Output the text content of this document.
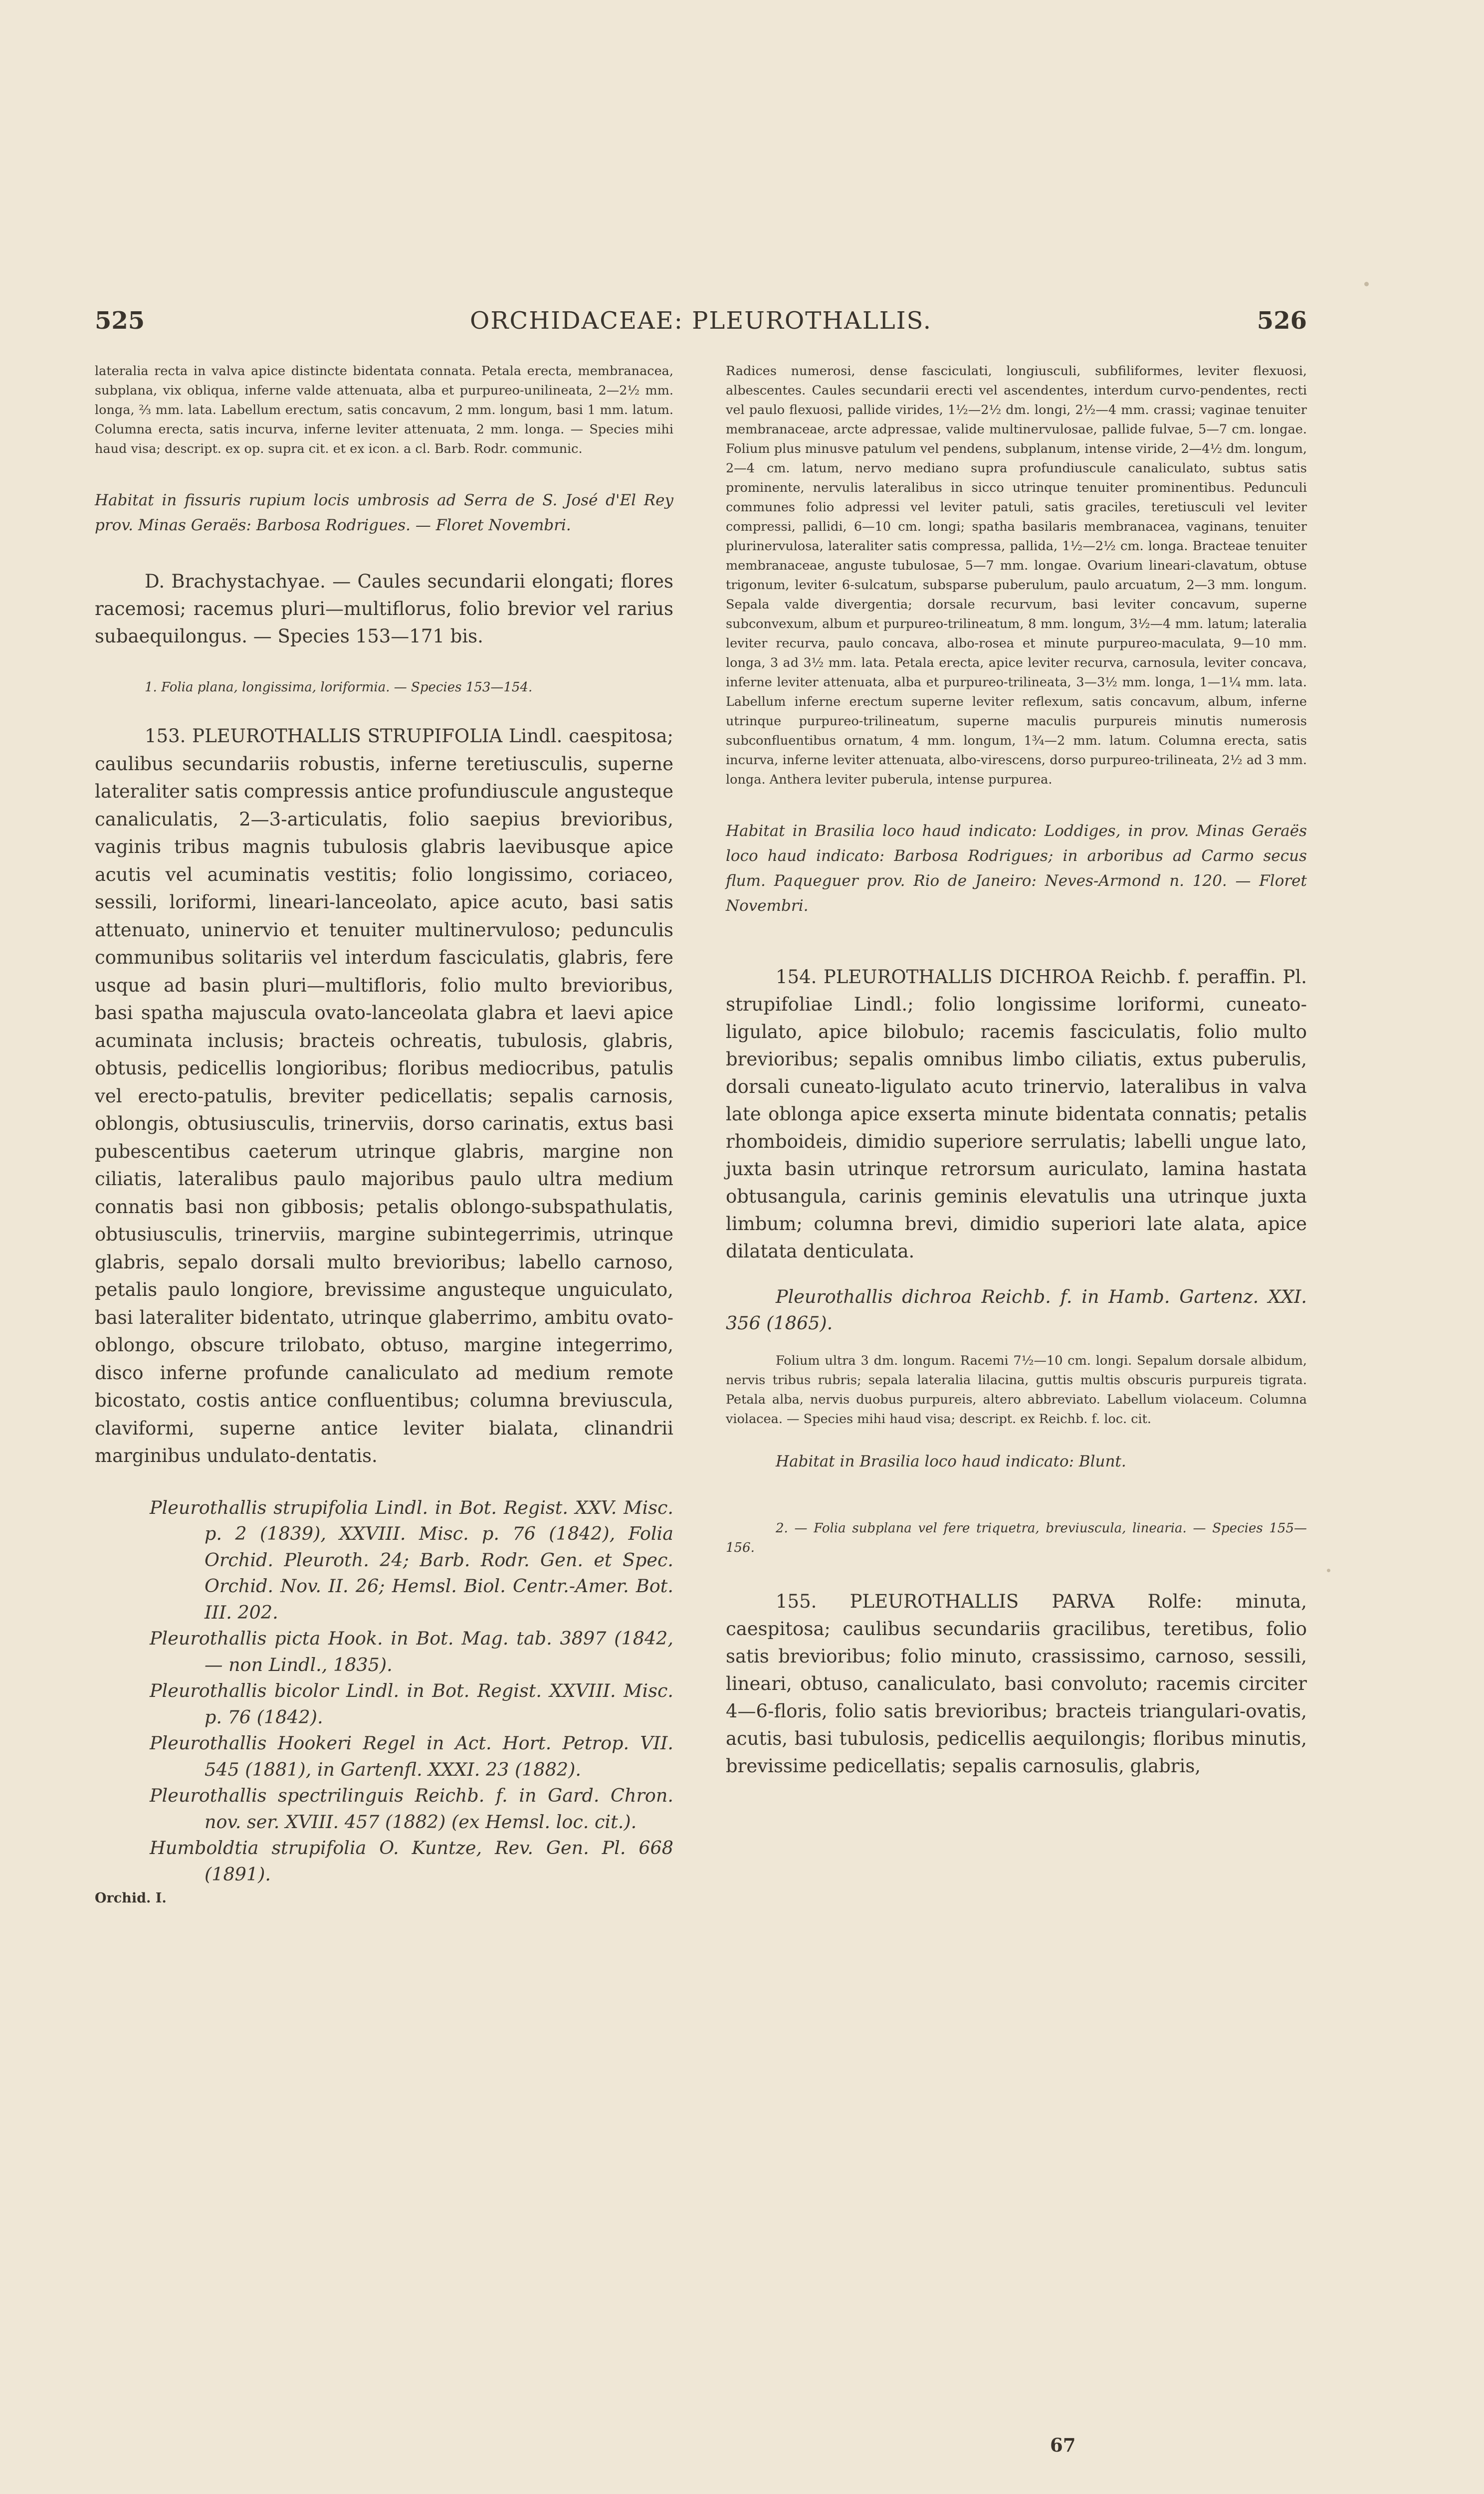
525	ORCHIDACEAE: PLEUROTHALLIS.	526

lateralia recta in valva apice distincte bidentata connata. Petala erecta, membranacea, subplana, vix obliqua, inferne valde attenuata, alba et purpureo-unilineata, 2—2½ mm. longa, ⅔ mm. lata. Labellum erectum, satis concavum, 2 mm. longum, basi 1 mm. latum. Columna erecta, satis incurva, inferne leviter attenuata, 2 mm. longa. — Species mihi haud visa; descript. ex op. supra cit. et ex icon. a cl. Barb. Rodr. communic.

Habitat in fissuris rupium locis umbrosis ad Serra de S. José d'El Rey prov. Minas Geraës: Barbosa Rodrigues. — Floret Novembri.

D. Brachystachyae. — Caules secundarii elongati; flores racemosi; racemus pluri—multiflorus, folio brevior vel rarius subaequilongus. — Species 153—171 bis.

1. Folia plana, longissima, loriformia. — Species 153—154.

153. PLEUROTHALLIS STRUPIFOLIA Lindl. caespitosa; caulibus secundariis robustis, inferne teretiusculis, superne lateraliter satis compressis antice profundiuscule angusteque canaliculatis, 2—3-articulatis, folio saepius brevioribus, vaginis tribus magnis tubulosis glabris laevibusque apice acutis vel acuminatis vestitis; folio longissimo, coriaceo, sessili, loriformi, lineari-lanceolato, apice acuto, basi satis attenuato, uninervio et tenuiter multinervuloso; pedunculis communibus solitariis vel interdum fasciculatis, glabris, fere usque ad basin pluri—multifloris, folio multo brevioribus, basi spatha majuscula ovato-lanceolata glabra et laevi apice acuminata inclusis; bracteis ochreatis, tubulosis, glabris, obtusis, pedicellis longioribus; floribus mediocribus, patulis vel erecto-patulis, breviter pedicellatis; sepalis carnosis, oblongis, obtusiusculis, trinerviis, dorso carinatis, extus basi pubescentibus caeterum utrinque glabris, margine non ciliatis, lateralibus paulo majoribus paulo ultra medium connatis basi non gibbosis; petalis oblongo-subspathulatis, obtusiusculis, trinerviis, margine subintegerrimis, utrinque glabris, sepalo dorsali multo brevioribus; labello carnoso, petalis paulo longiore, brevissime angusteque unguiculato, basi lateraliter bidentato, utrinque glaberrimo, ambitu ovato-oblongo, obscure trilobato, obtuso, margine integerrimo, disco inferne profunde canaliculato ad medium remote bicostato, costis antice confluentibus; columna breviuscula, claviformi, superne antice leviter bialata, clinandrii marginibus undulato-dentatis.

Pleurothallis strupifolia Lindl. in Bot. Regist. XXV. Misc. p. 2 (1839), XXVIII. Misc. p. 76 (1842), Folia Orchid. Pleuroth. 24; Barb. Rodr. Gen. et Spec. Orchid. Nov. II. 26; Hemsl. Biol. Centr.-Amer. Bot. III. 202.

Pleurothallis picta Hook. in Bot. Mag. tab. 3897 (1842, — non Lindl., 1835).

Pleurothallis bicolor Lindl. in Bot. Regist. XXVIII. Misc. p. 76 (1842).

Pleurothallis Hookeri Regel in Act. Hort. Petrop. VII. 545 (1881), in Gartenfl. XXXI. 23 (1882).

Pleurothallis spectrilinguis Reichb. f. in Gard. Chron. nov. ser. XVIII. 457 (1882) (ex Hemsl. loc. cit.).

Humboldtia strupifolia O. Kuntze, Rev. Gen. Pl. 668 (1891).

Orchid. I.

Radices numerosi, dense fasciculati, longiusculi, subfiliformes, leviter flexuosi, albescentes. Caules secundarii erecti vel ascendentes, interdum curvo-pendentes, recti vel paulo flexuosi, pallide virides, 1½—2½ dm. longi, 2½—4 mm. crassi; vaginae tenuiter membranaceae, arcte adpressae, valide multinervulosae, pallide fulvae, 5—7 cm. longae. Folium plus minusve patulum vel pendens, subplanum, intense viride, 2—4½ dm. longum, 2—4 cm. latum, nervo mediano supra profundiuscule canaliculato, subtus satis prominente, nervulis lateralibus in sicco utrinque tenuiter prominentibus. Pedunculi communes folio adpressi vel leviter patuli, satis graciles, teretiusculi vel leviter compressi, pallidi, 6—10 cm. longi; spatha basilaris membranacea, vaginans, tenuiter plurinervulosa, lateraliter satis compressa, pallida, 1½—2½ cm. longa. Bracteae tenuiter membranaceae, anguste tubulosae, 5—7 mm. longae. Ovarium lineari-clavatum, obtuse trigonum, leviter 6-sulcatum, subsparse puberulum, paulo arcuatum, 2—3 mm. longum. Sepala valde divergentia; dorsale recurvum, basi leviter concavum, superne subconvexum, album et purpureo-trilineatum, 8 mm. longum, 3½—4 mm. latum; lateralia leviter recurva, paulo concava, albo-rosea et minute purpureo-maculata, 9—10 mm. longa, 3 ad 3½ mm. lata. Petala erecta, apice leviter recurva, carnosula, leviter concava, inferne leviter attenuata, alba et purpureo-trilineata, 3—3½ mm. longa, 1—1¼ mm. lata. Labellum inferne erectum superne leviter reflexum, satis concavum, album, inferne utrinque purpureo-trilineatum, superne maculis purpureis minutis numerosis subconfluentibus ornatum, 4 mm. longum, 1¾—2 mm. latum. Columna erecta, satis incurva, inferne leviter attenuata, albo-virescens, dorso purpureo-trilineata, 2½ ad 3 mm. longa. Anthera leviter puberula, intense purpurea.

Habitat in Brasilia loco haud indicato: Loddiges, in prov. Minas Geraës loco haud indicato: Barbosa Rodrigues; in arboribus ad Carmo secus flum. Paqueguer prov. Rio de Janeiro: Neves-Armond n. 120. — Floret Novembri.

154. PLEUROTHALLIS DICHROA Reichb. f. peraffin. Pl. strupifoliae Lindl.; folio longissime loriformi, cuneato-ligulato, apice bilobulo; racemis fasciculatis, folio multo brevioribus; sepalis omnibus limbo ciliatis, extus puberulis, dorsali cuneato-ligulato acuto trinervio, lateralibus in valva late oblonga apice exserta minute bidentata connatis; petalis rhomboideis, dimidio superiore serrulatis; labelli ungue lato, juxta basin utrinque retrorsum auriculato, lamina hastata obtusangula, carinis geminis elevatulis una utrinque juxta limbum; columna brevi, dimidio superiori late alata, apice dilatata denticulata.

Pleurothallis dichroa Reichb. f. in Hamb. Gartenz. XXI. 356 (1865).

Folium ultra 3 dm. longum. Racemi 7½—10 cm. longi. Sepalum dorsale albidum, nervis tribus rubris; sepala lateralia lilacina, guttis multis obscuris purpureis tigrata. Petala alba, nervis duobus purpureis, altero abbreviato. Labellum violaceum. Columna violacea. — Species mihi haud visa; descript. ex Reichb. f. loc. cit.

Habitat in Brasilia loco haud indicato: Blunt.

2. — Folia subplana vel fere triquetra, breviuscula, linearia. — Species 155—156.

155. PLEUROTHALLIS PARVA Rolfe: minuta, caespitosa; caulibus secundariis gracilibus, teretibus, folio satis brevioribus; folio minuto, crassissimo, carnoso, sessili, lineari, obtuso, canaliculato, basi convoluto; racemis circiter 4—6-floris, folio satis brevioribus; bracteis triangulari-ovatis, acutis, basi tubulosis, pedicellis aequilongis; floribus minutis, brevissime pedicellatis; sepalis carnosulis, glabris,

67
